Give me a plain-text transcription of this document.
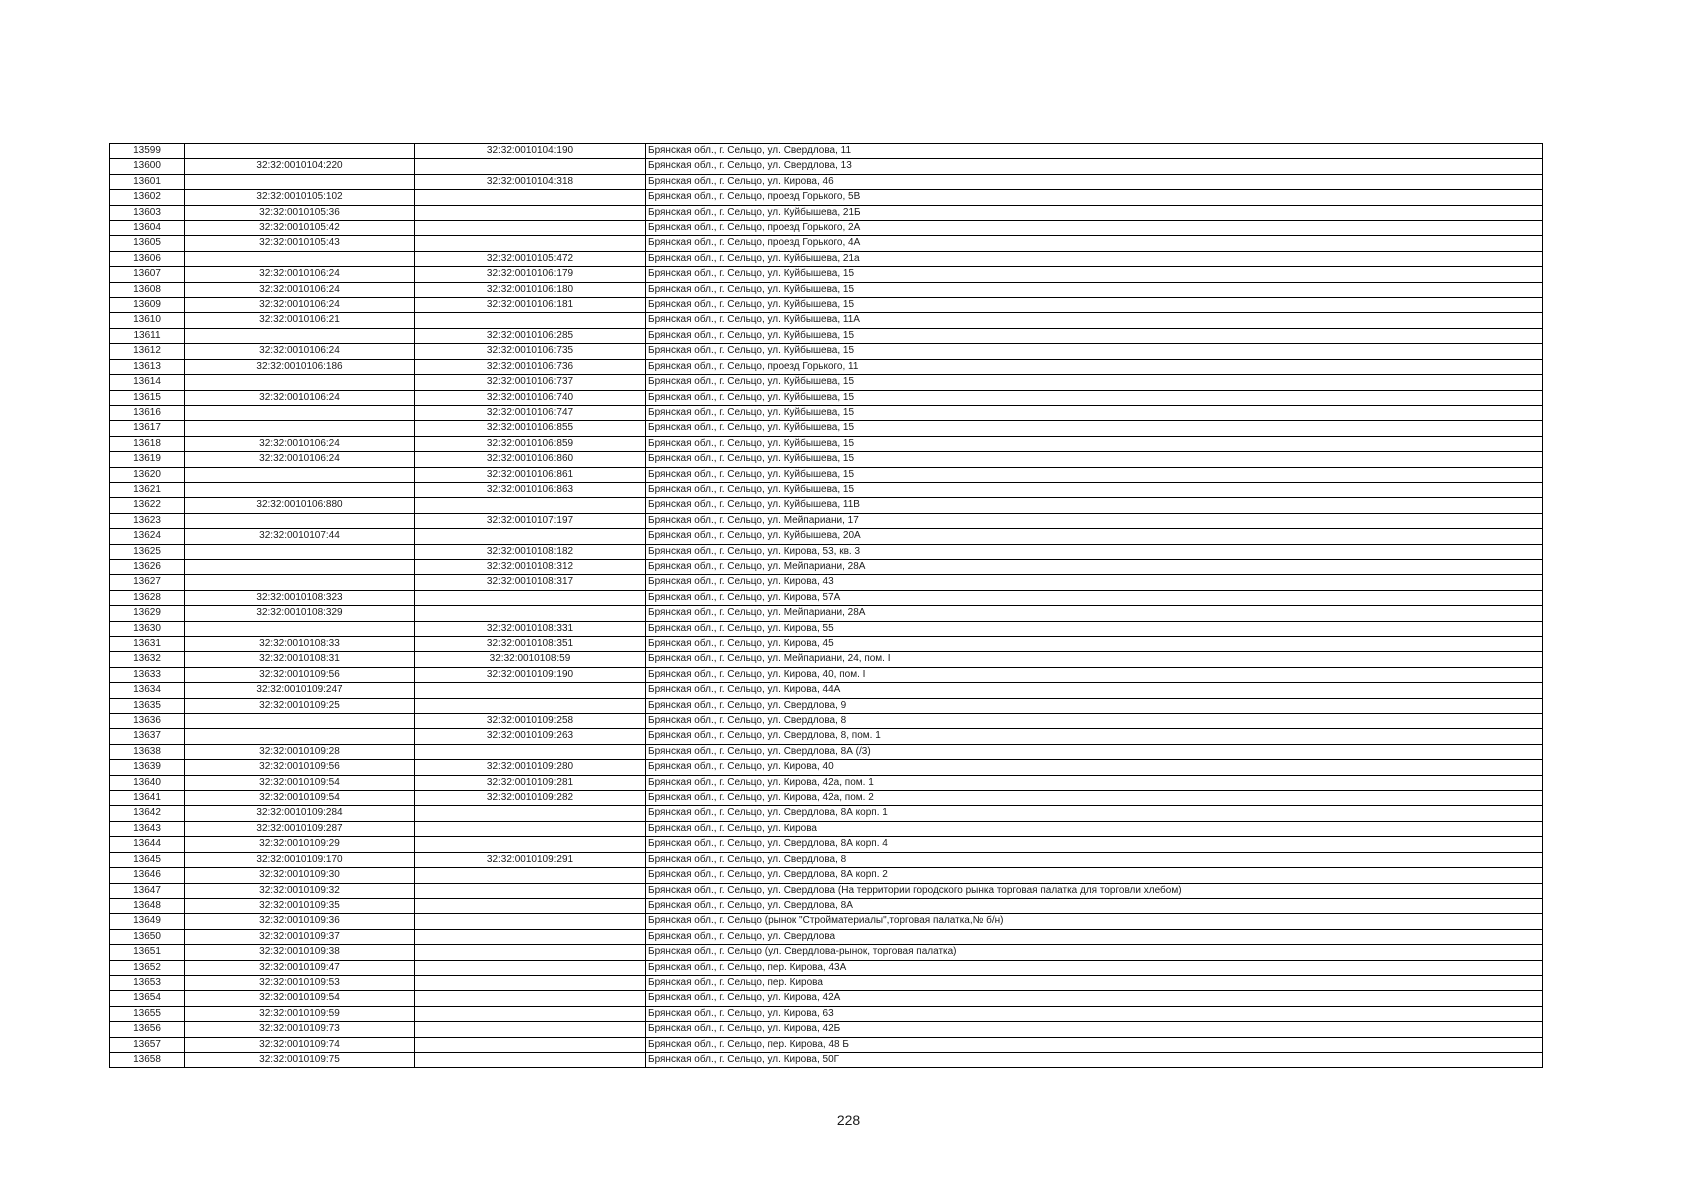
13599		32:32:0010104:190	Брянская обл., г. Сельцо, ул. Свердлова, 11
13600	32:32:0010104:220		Брянская обл., г. Сельцо, ул. Свердлова, 13
13601		32:32:0010104:318	Брянская обл., г. Сельцо, ул. Кирова, 46
13602	32:32:0010105:102		Брянская обл., г. Сельцо, проезд Горького, 5В
13603	32:32:0010105:36		Брянская обл., г. Сельцо, ул. Куйбышева, 21Б
13604	32:32:0010105:42		Брянская обл., г. Сельцо, проезд Горького, 2А
13605	32:32:0010105:43		Брянская обл., г. Сельцо, проезд Горького, 4А
13606		32:32:0010105:472	Брянская обл., г. Сельцо, ул. Куйбышева, 21а
13607	32:32:0010106:24	32:32:0010106:179	Брянская обл., г. Сельцо, ул. Куйбышева, 15
13608	32:32:0010106:24	32:32:0010106:180	Брянская обл., г. Сельцо, ул. Куйбышева, 15
13609	32:32:0010106:24	32:32:0010106:181	Брянская обл., г. Сельцо, ул. Куйбышева, 15
13610	32:32:0010106:21		Брянская обл., г. Сельцо, ул. Куйбышева, 11А
13611		32:32:0010106:285	Брянская обл., г. Сельцо, ул. Куйбышева, 15
13612	32:32:0010106:24	32:32:0010106:735	Брянская обл., г. Сельцо, ул. Куйбышева, 15
13613	32:32:0010106:186	32:32:0010106:736	Брянская обл., г. Сельцо, проезд Горького, 11
13614		32:32:0010106:737	Брянская обл., г. Сельцо, ул. Куйбышева, 15
13615	32:32:0010106:24	32:32:0010106:740	Брянская обл., г. Сельцо, ул. Куйбышева, 15
13616		32:32:0010106:747	Брянская обл., г. Сельцо, ул. Куйбышева, 15
13617		32:32:0010106:855	Брянская обл., г. Сельцо, ул. Куйбышева, 15
13618	32:32:0010106:24	32:32:0010106:859	Брянская обл., г. Сельцо, ул. Куйбышева, 15
13619	32:32:0010106:24	32:32:0010106:860	Брянская обл., г. Сельцо, ул. Куйбышева, 15
13620		32:32:0010106:861	Брянская обл., г. Сельцо, ул. Куйбышева, 15
13621		32:32:0010106:863	Брянская обл., г. Сельцо, ул. Куйбышева, 15
13622	32:32:0010106:880		Брянская обл., г. Сельцо, ул. Куйбышева, 11В
13623		32:32:0010107:197	Брянская обл., г. Сельцо, ул. Мейпариани, 17
13624	32:32:0010107:44		Брянская обл., г. Сельцо, ул. Куйбышева, 20А
13625		32:32:0010108:182	Брянская обл., г. Сельцо, ул. Кирова, 53, кв. 3
13626		32:32:0010108:312	Брянская обл., г. Сельцо, ул. Мейпариани, 28А
13627		32:32:0010108:317	Брянская обл., г. Сельцо, ул. Кирова, 43
13628	32:32:0010108:323		Брянская обл., г. Сельцо, ул. Кирова, 57А
13629	32:32:0010108:329		Брянская обл., г. Сельцо, ул. Мейпариани, 28А
13630		32:32:0010108:331	Брянская обл., г. Сельцо, ул. Кирова, 55
13631	32:32:0010108:33	32:32:0010108:351	Брянская обл., г. Сельцо, ул. Кирова, 45
13632	32:32:0010108:31	32:32:0010108:59	Брянская обл., г. Сельцо, ул. Мейпариани, 24, пом. I
13633	32:32:0010109:56	32:32:0010109:190	Брянская обл., г. Сельцо, ул. Кирова, 40, пом. I
13634	32:32:0010109:247		Брянская обл., г. Сельцо, ул. Кирова, 44А
13635	32:32:0010109:25		Брянская обл., г. Сельцо, ул. Свердлова, 9
13636		32:32:0010109:258	Брянская обл., г. Сельцо, ул. Свердлова, 8
13637		32:32:0010109:263	Брянская обл., г. Сельцо, ул. Свердлова, 8, пом. 1
13638	32:32:0010109:28		Брянская обл., г. Сельцо, ул. Свердлова, 8А (/3)
13639	32:32:0010109:56	32:32:0010109:280	Брянская обл., г. Сельцо, ул. Кирова, 40
13640	32:32:0010109:54	32:32:0010109:281	Брянская обл., г. Сельцо, ул. Кирова, 42а, пом. 1
13641	32:32:0010109:54	32:32:0010109:282	Брянская обл., г. Сельцо, ул. Кирова, 42а, пом. 2
13642	32:32:0010109:284		Брянская обл., г. Сельцо, ул. Свердлова, 8А корп. 1
13643	32:32:0010109:287		Брянская обл., г. Сельцо, ул. Кирова
13644	32:32:0010109:29		Брянская обл., г. Сельцо, ул. Свердлова, 8А корп. 4
13645	32:32:0010109:170	32:32:0010109:291	Брянская обл., г. Сельцо, ул. Свердлова, 8
13646	32:32:0010109:30		Брянская обл., г. Сельцо, ул. Свердлова, 8А корп. 2
13647	32:32:0010109:32		Брянская обл., г. Сельцо, ул. Свердлова (На территории городского рынка торговая палатка для торговли хлебом)
13648	32:32:0010109:35		Брянская обл., г. Сельцо, ул. Свердлова, 8А
13649	32:32:0010109:36		Брянская обл., г. Сельцо (рынок "Стройматериалы",торговая палатка,№ б/н)
13650	32:32:0010109:37		Брянская обл., г. Сельцо, ул. Свердлова
13651	32:32:0010109:38		Брянская обл., г. Сельцо (ул. Свердлова-рынок, торговая палатка)
13652	32:32:0010109:47		Брянская обл., г. Сельцо, пер. Кирова, 43А
13653	32:32:0010109:53		Брянская обл., г. Сельцо, пер. Кирова
13654	32:32:0010109:54		Брянская обл., г. Сельцо, ул. Кирова, 42А
13655	32:32:0010109:59		Брянская обл., г. Сельцо, ул. Кирова, 63
13656	32:32:0010109:73		Брянская обл., г. Сельцо, ул. Кирова, 42Б
13657	32:32:0010109:74		Брянская обл., г. Сельцо, пер. Кирова, 48 Б
13658	32:32:0010109:75		Брянская обл., г. Сельцо, ул. Кирова, 50Г
228
